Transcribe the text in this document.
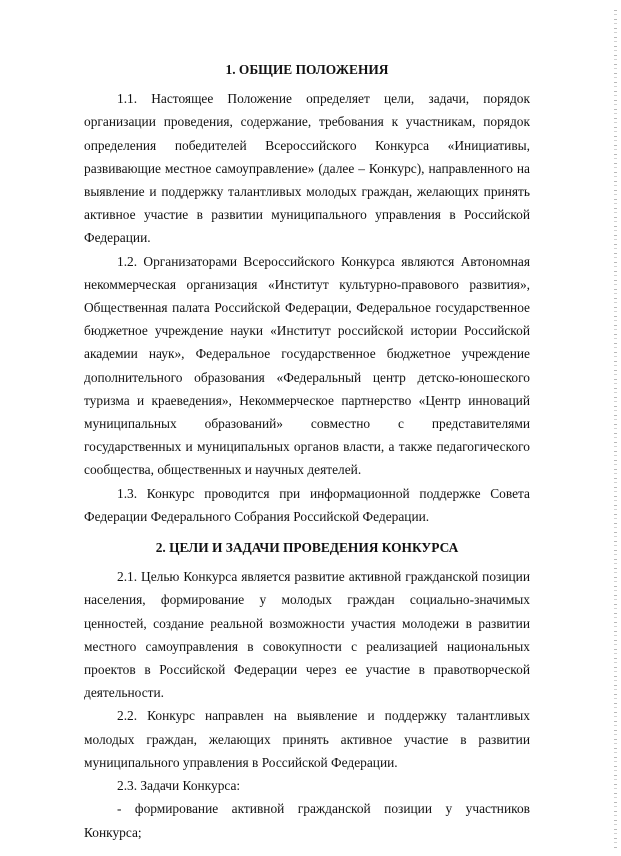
1. ОБЩИЕ ПОЛОЖЕНИЯ

1.1. Настоящее Положение определяет цели, задачи, порядок организации проведения, содержание, требования к участникам, порядок определения победителей Всероссийского Конкурса «Инициативы, развивающие местное самоуправление» (далее – Конкурс), направленного на выявление и поддержку талантливых молодых граждан, желающих принять активное участие в развитии муниципального управления в Российской Федерации.

1.2. Организаторами Всероссийского Конкурса являются Автономная некоммерческая организация «Институт культурно-правового развития», Общественная палата Российской Федерации, Федеральное государственное бюджетное учреждение науки «Институт российской истории Российской академии наук», Федеральное государственное бюджетное учреждение дополнительного образования «Федеральный центр детско-юношеского туризма и краеведения», Некоммерческое партнерство «Центр инноваций муниципальных образований» совместно с представителями государственных и муниципальных органов власти, а также педагогического сообщества, общественных и научных деятелей.

1.3. Конкурс проводится при информационной поддержке Совета Федерации Федерального Собрания Российской Федерации.

2. ЦЕЛИ И ЗАДАЧИ ПРОВЕДЕНИЯ КОНКУРСА

2.1. Целью Конкурса является развитие активной гражданской позиции населения, формирование у молодых граждан социально-значимых ценностей, создание реальной возможности участия молодежи в развитии местного самоуправления в совокупности с реализацией национальных проектов в Российской Федерации через ее участие в правотворческой деятельности.

2.2. Конкурс направлен на выявление и поддержку талантливых молодых граждан, желающих принять активное участие в развитии муниципального управления в Российской Федерации.

2.3. Задачи Конкурса:

- формирование активной гражданской позиции у участников Конкурса;
